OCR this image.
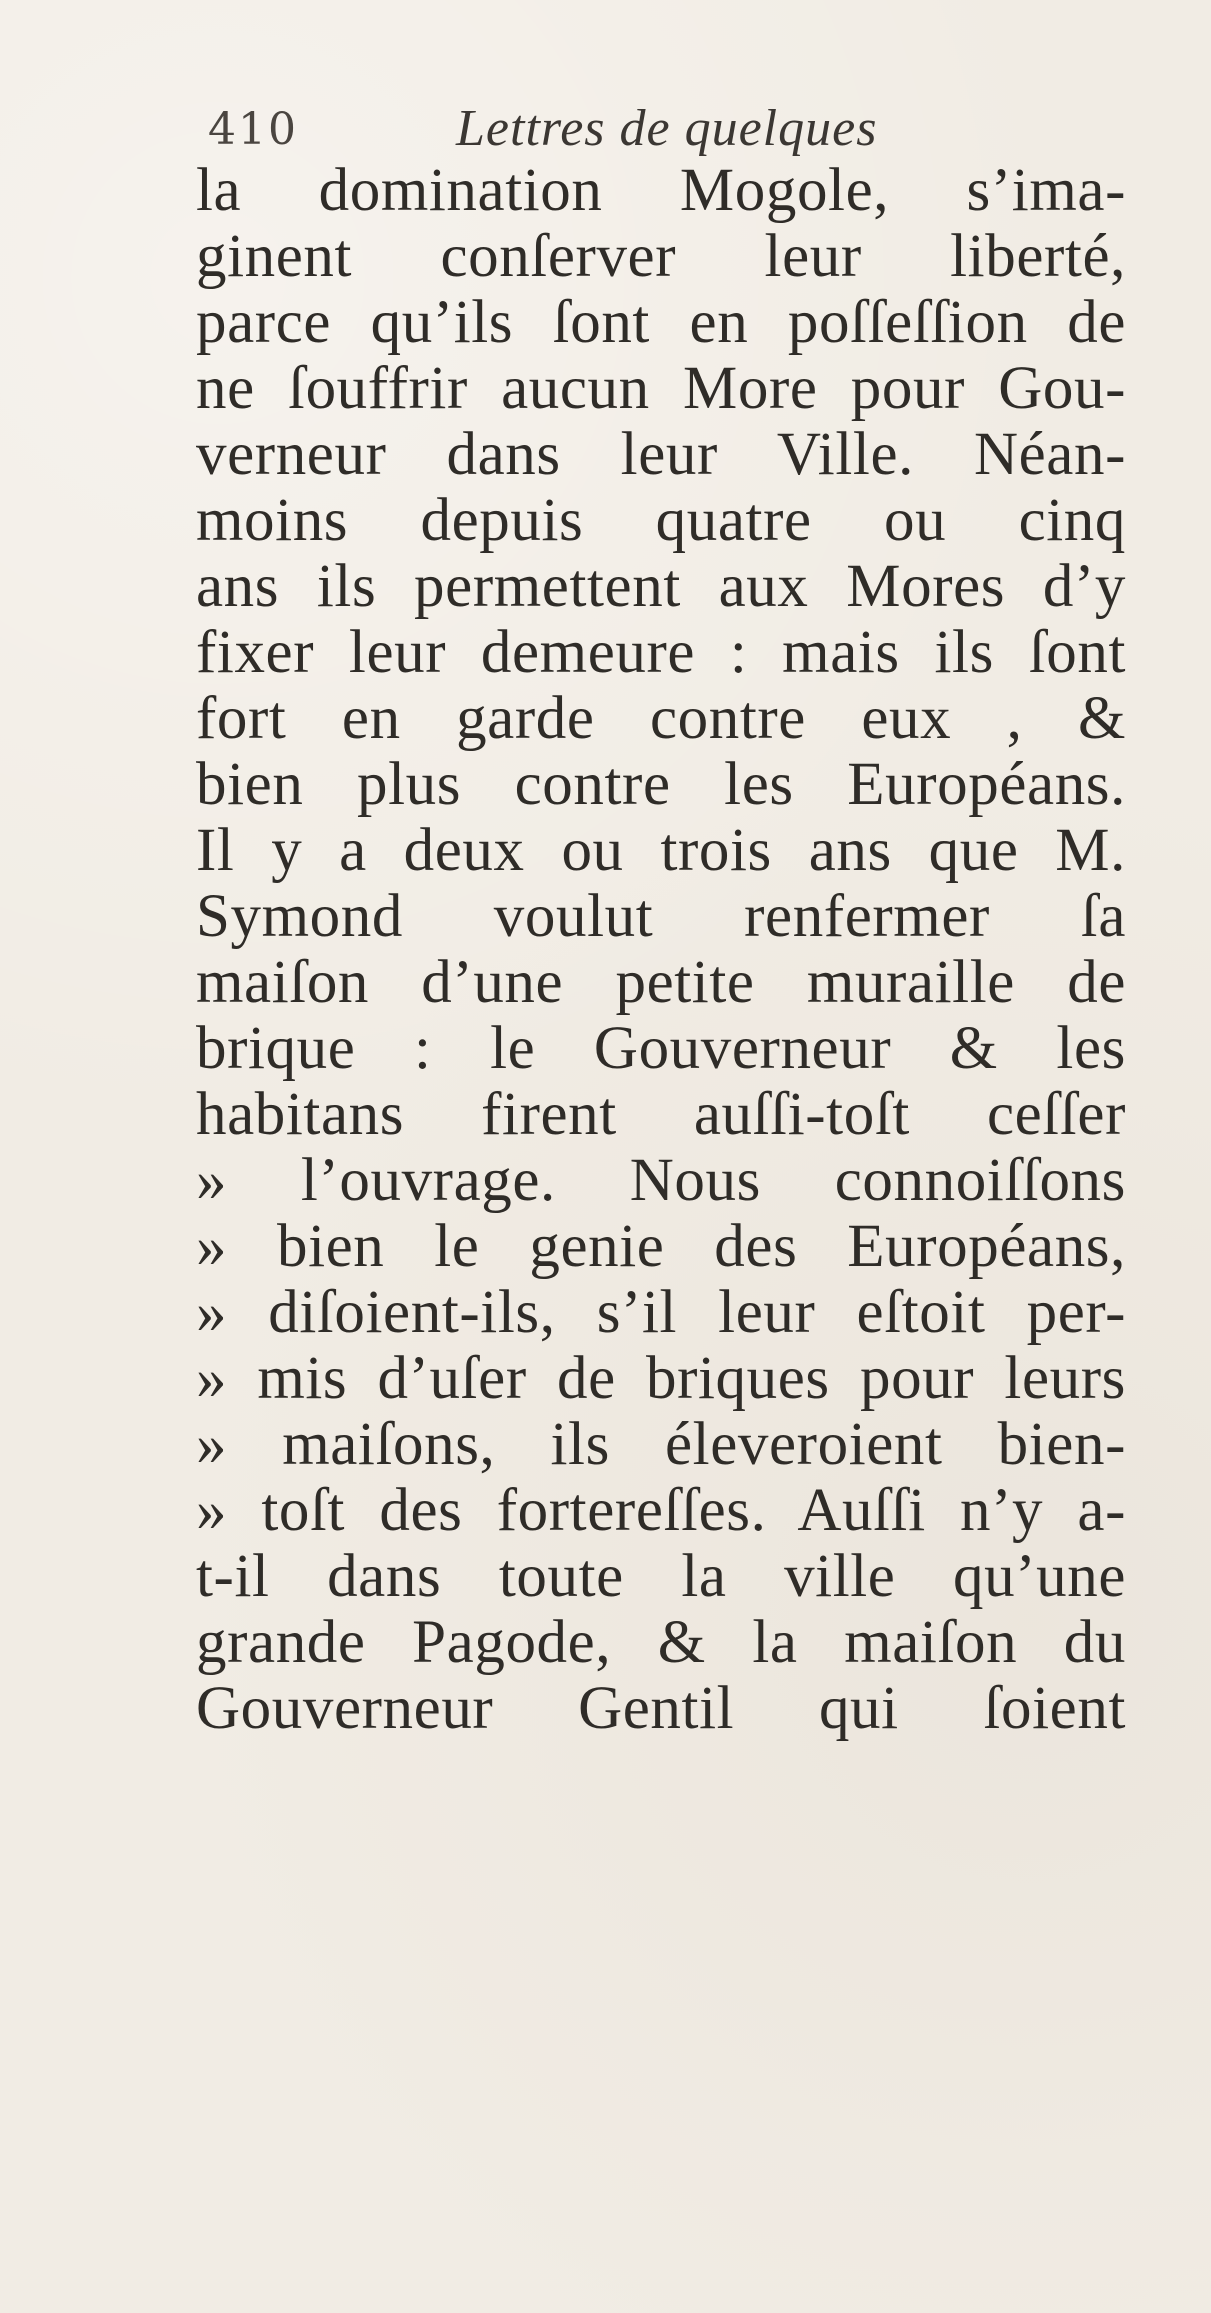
410	Lettres de quelques
la domination Mogole, s’ima-
ginent conſerver leur liberté,
parce qu’ils ſont en poſſeſſion de
ne ſouffrir aucun More pour Gou-
verneur dans leur Ville. Néan-
moins depuis quatre ou cinq
ans ils permettent aux Mores d’y
fixer leur demeure : mais ils ſont
fort en garde contre eux , &
bien plus contre les Européans.
Il y a deux ou trois ans que M.
Symond voulut renfermer ſa
maiſon d’une petite muraille de
brique : le Gouverneur & les
habitans firent auſſi-toſt ceſſer
» l’ouvrage. Nous connoiſſons
» bien le genie des Européans,
» diſoient-ils, s’il leur eſtoit per-
» mis d’uſer de briques pour leurs
» maiſons, ils éleveroient bien-
» toſt des fortereſſes. Auſſi n’y a-
t-il dans toute la ville qu’une
grande Pagode, & la maiſon du
Gouverneur Gentil qui ſoient
